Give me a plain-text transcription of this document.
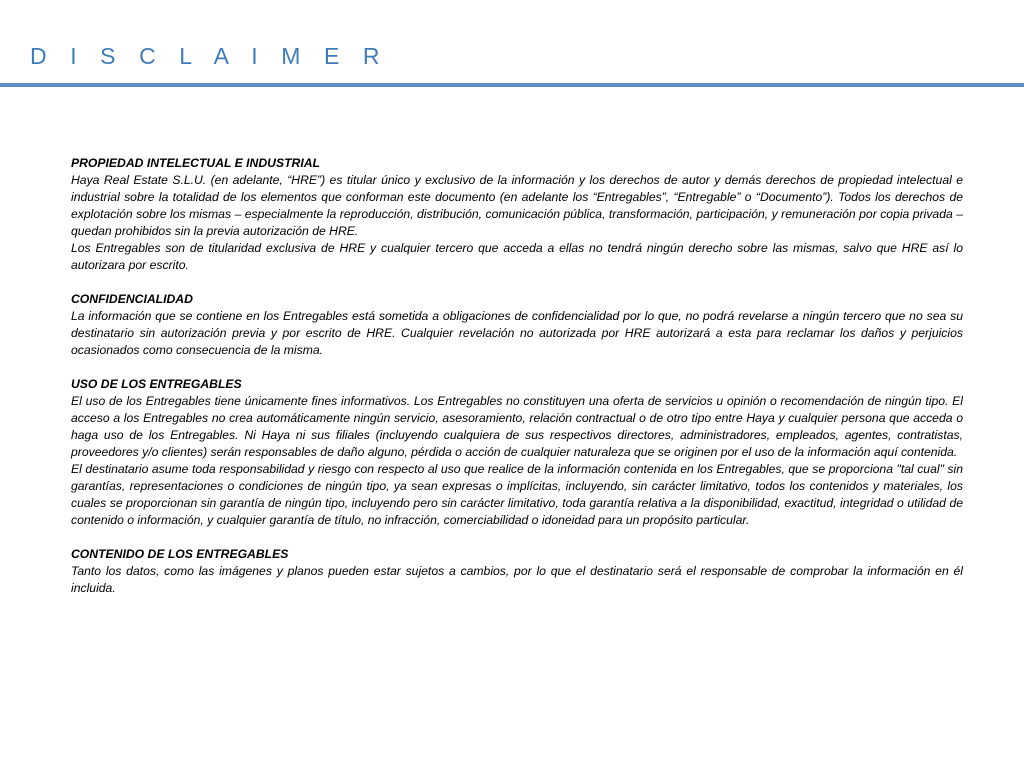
D I S C L A I M E R

PROPIEDAD INTELECTUAL E INDUSTRIAL

Haya Real Estate S.L.U. (en adelante, “HRE”) es titular único y exclusivo de la información y los derechos de autor y demás derechos de propiedad intelectual e industrial sobre la totalidad de los elementos que conforman este documento (en adelante los “Entregables”, “Entregable” o “Documento”). Todos los derechos de explotación sobre los mismas – especialmente la reproducción, distribución, comunicación pública, transformación, participación, y remuneración por copia privada – quedan prohibidos sin la previa autorización de HRE.

Los Entregables son de titularidad exclusiva de HRE y cualquier tercero que acceda a ellas no tendrá ningún derecho sobre las mismas, salvo que HRE así lo autorizara por escrito.

CONFIDENCIALIDAD

La información que se contiene en los Entregables está sometida a obligaciones de confidencialidad por lo que, no podrá revelarse a ningún tercero que no sea su destinatario sin autorización previa y por escrito de HRE. Cualquier revelación no autorizada por HRE autorizará a esta para reclamar los daños y perjuicios ocasionados como consecuencia de la misma.

USO DE LOS ENTREGABLES

El uso de los Entregables tiene únicamente fines informativos. Los Entregables no constituyen una oferta de servicios u opinión o recomendación de ningún tipo. El acceso a los Entregables no crea automáticamente ningún servicio, asesoramiento, relación contractual o de otro tipo entre Haya y cualquier persona que acceda o haga uso de los Entregables. Ni Haya ni sus filiales (incluyendo cualquiera de sus respectivos directores, administradores, empleados, agentes, contratistas, proveedores y/o clientes) serán responsables de daño alguno, pérdida o acción de cualquier naturaleza que se originen por el uso de la información aquí contenida.

El destinatario asume toda responsabilidad y riesgo con respecto al uso que realice de la información contenida en los Entregables, que se proporciona "tal cual" sin garantías, representaciones o condiciones de ningún tipo, ya sean expresas o implícitas, incluyendo, sin carácter limitativo, todos los contenidos y materiales, los cuales se proporcionan sin garantía de ningún tipo, incluyendo pero sin carácter limitativo, toda garantía relativa a la disponibilidad, exactitud, integridad o utilidad de contenido o información, y cualquier garantía de título, no infracción, comerciabilidad o idoneidad para un propósito particular.

CONTENIDO DE LOS ENTREGABLES

Tanto los datos, como las imágenes y planos pueden estar sujetos a cambios, por lo que el destinatario será el responsable de comprobar la información en él incluida.
